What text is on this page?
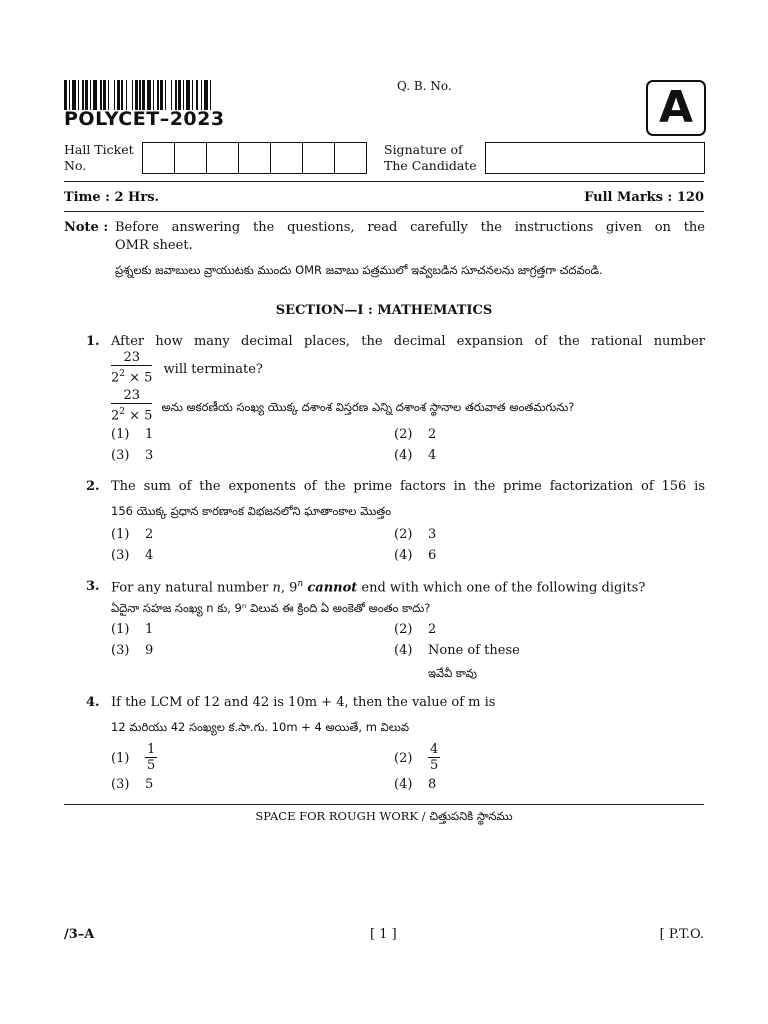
POLYCET–2023
Q. B. No.	A
Hall Ticket
No.
Signature of
The Candidate
Time : 2 Hrs.	Full Marks : 120
Note : Before answering the questions, read carefully the instructions given on the
OMR sheet.
ప్రశ్నలకు జవాబులు వ్రాయుటకు ముందు OMR జవాబు పత్రములో ఇవ్వబడిన సూచనలను జాగ్రత్తగా చదవండి.
SECTION—I : MATHEMATICS
1. After how many decimal places, the decimal expansion of the rational number
$\frac{23}{2^2 \times 5}$ will terminate?
$\frac{23}{2^2 \times 5}$ అను అకరణీయ సంఖ్య యొక్క దశాంశ విస్తరణ ఎన్ని దశాంశ స్థానాల తరువాత అంతమగును?
(1) 1	(2) 2
(3) 3	(4) 4
2. The sum of the exponents of the prime factors in the prime factorization of 156 is
156 యొక్క ప్రధాన కారణాంక విభజనలోని ఘాతాంకాల మొత్తం
(1) 2	(2) 3
(3) 4	(4) 6
3. For any natural number n, 9$^n$ cannot end with which one of the following digits?
ఏదైనా సహజ సంఖ్య n కు, 9ⁿ విలువ ఈ క్రింది ఏ అంకెతో అంతం కాదు?
(1) 1	(2) 2
(3) 9	(4) None of these
ఇవేవీ కావు
4. If the LCM of 12 and 42 is 10m + 4, then the value of m is
12 మరియు 42 సంఖ్యల క.సా.గు. 10m + 4 అయితే, m విలువ
$(1) \frac{1}{5}$	$(2) \frac{4}{5}$
(3) 5	(4) 8
SPACE FOR ROUGH WORK / చిత్తుపనికి స్థానము
/3–A	[ 1 ]	[ P.T.O.
